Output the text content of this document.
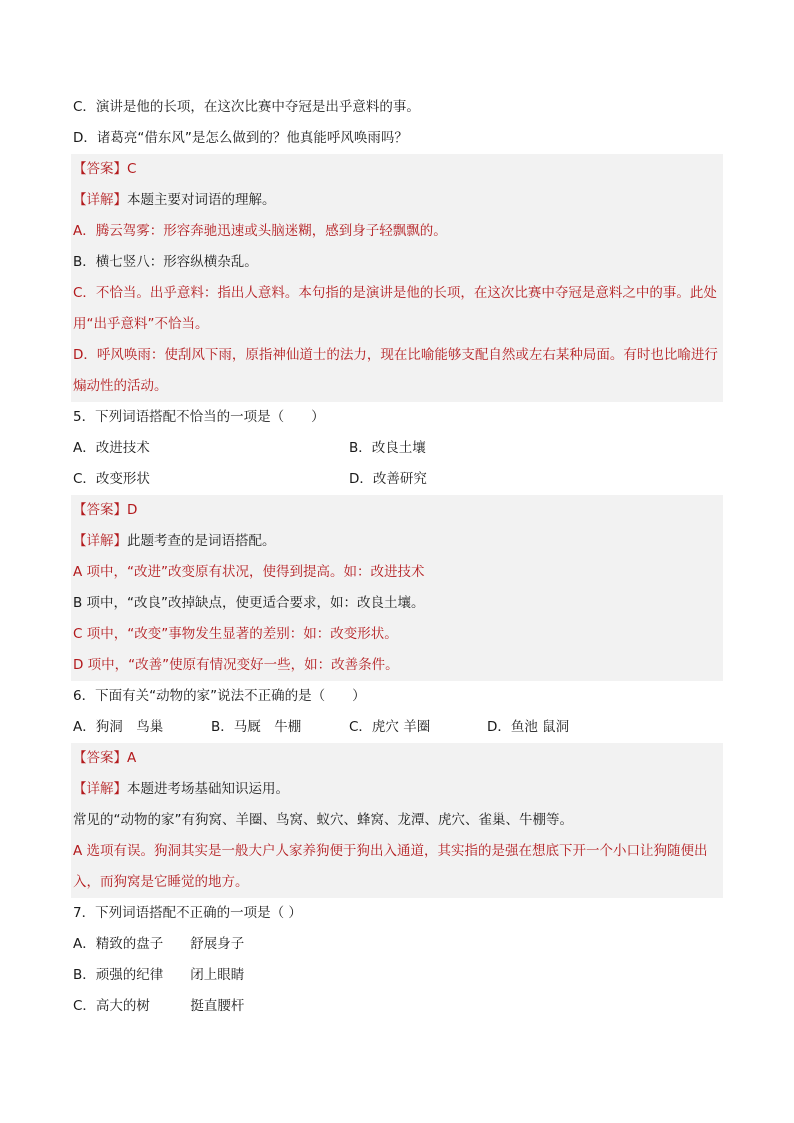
C．演讲是他的长项，在这次比赛中夺冠是出乎意料的事。
D．诸葛亮“借东风”是怎么做到的？他真能呼风唤雨吗？
【答案】C
【详解】本题主要对词语的理解。
A．腾云驾雾：形容奔驰迅速或头脑迷糊，感到身子轻飘飘的。
B．横七竖八：形容纵横杂乱。
C．不恰当。出乎意料：指出人意料。本句指的是演讲是他的长项，在这次比赛中夺冠是意料之中的事。此处用“出乎意料”不恰当。
D．呼风唤雨：使刮风下雨，原指神仙道士的法力，现在比喻能够支配自然或左右某种局面。有时也比喻进行煽动性的活动。
5．下列词语搭配不恰当的一项是（　　）
A．改进技术	B．改良土壤
C．改变形状	D．改善研究
【答案】D
【详解】此题考查的是词语搭配。
A 项中，“改进”改变原有状况，使得到提高。如：改进技术
B 项中，“改良”改掉缺点，使更适合要求，如：改良土壤。
C 项中，“改变”事物发生显著的差别：如：改变形状。
D 项中，“改善”使原有情况变好一些，如：改善条件。
6．下面有关“动物的家”说法不正确的是（　　）
A．狗洞　鸟巢	B．马厩　牛棚	C．虎穴 羊圈	D．鱼池 鼠洞
【答案】A
【详解】本题进考场基础知识运用。
常见的“动物的家”有狗窝、羊圈、鸟窝、蚁穴、蜂窝、龙潭、虎穴、雀巢、牛棚等。
A 选项有误。狗洞其实是一般大户人家养狗便于狗出入通道，其实指的是强在想底下开一个小口让狗随便出入，而狗窝是它睡觉的地方。
7．下列词语搭配不正确的一项是（ ）
A．精致的盘子　　舒展身子
B．顽强的纪律　　闭上眼睛
C．高大的树　　　挺直腰杆
